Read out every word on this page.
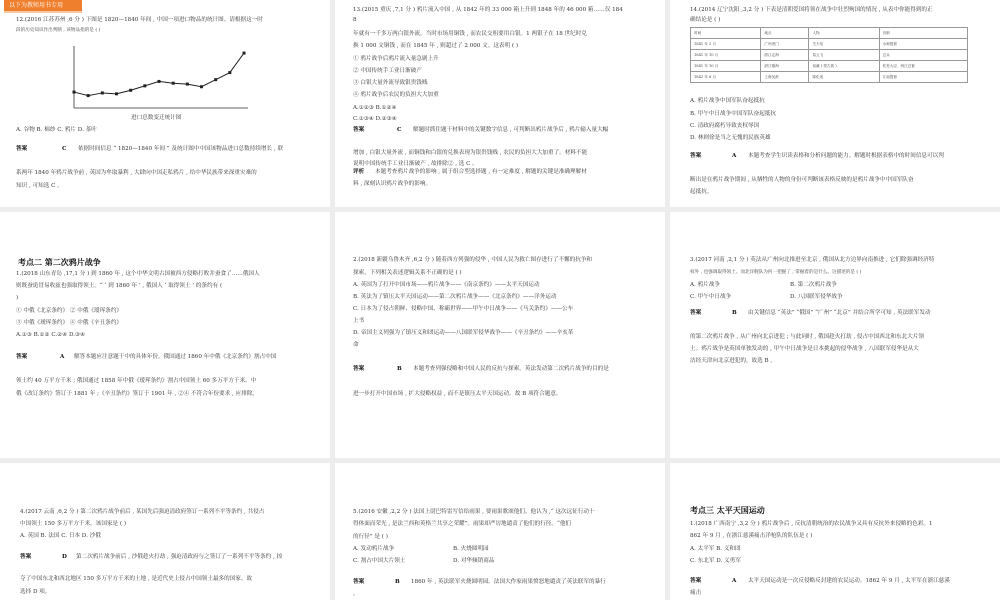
以下为教师用书专用
12.(2016 江苏苏州 ,6 分 ) 下图是 1820—1840 年间 , 中国一项进口物品的统计图。请根据这一时
段的历史知识作出判断 , 该物品指的是 ( )
进口总数变迁统计图
A. 谷物 B. 棉纱 C. 鸦片 D. 茶叶
答案	C 依据时间信息 “ 1820—1840 年间 ” 及统计图中中国该物品进口总数持续增长 , 联
系两年 1840 年鸦片战争前 , 英国为牟取暴利 , 大肆向中国走私鸦片 , 给中华民族带来深重灾难的
知识 , 可知选 C 。
13.(2015 重庆 ,7,1 分 ) 鸦片流入中国 , 从 1842 年的 33 000 箱上升到 1848 年的 46 000 箱……仅 184
8
年就有一千多万两白银外流。当时市场用铜钱 , 而农民交租要用白银。1 两银子在 18 世纪时兑
换 1 000 文铜钱 , 而在 1845 年 , 则超过了 2 000 文。这表明 ( )
① 鸦片战争后鸦片流入量急剧上升
② 中国传统手工业日渐破产
③ 白银大量外流导致银贵钱贱
④ 鸦片战争后农民的负担大大加重
A.①②③ B.①②④
C.①③④ D.②③④
答案	C 解题时抓住题干材料中的关键数字信息 , 可判断出鸦片战争后 , 鸦片输入量大幅
增加 , 白银大量外流 , 而铜钱和白银的兑换表现为银贵钱贱 , 农民的负担大大加重了。材料不能
说明中国传统手工业日渐破产 , 故排除② , 选 C 。
评析 本题考查鸦片战争的影响 , 属于组合型选择题 , 有一定难度 , 解题的关键是准确理解材
料 , 深刻认识鸦片战争的影响。
14.(2014 辽宁沈阳 ,3,2 分 ) 下表是清朝爱国将领在战争中壮烈殉国的情况 , 从表中你能得到的正
确结论是 ( )
时间	地点	人物	官职
1841 年 2 月	广州虎门	关天培	水师提督
1841 年 10 月	浙江定海	葛云飞	总兵
1841 年 10 月	浙江镇海	裕谦 ( 蒙古族 )	钦差大臣、两江总督
1842 年 6 月	上海吴淞	陈化成	江南提督
A. 鸦片战争中国军队奋起抵抗
B. 甲午中日战争中国军队奋起抵抗
C. 清政府腐朽导致丧权辱国
D. 林则徐是当之无愧的民族英雄
答案	A 本题考查学生识读表格和分析问题的能力。解题时根据表格中的时间信息可以判
断出是在鸦片战争期间 , 从牺牲的人物的身份可判断该表格反映的是鸦片战争中中国军队奋
起抵抗。
考点二 第二次鸦片战争
1.(2018 山东青岛 ,17,1 分 ) 到 1860 年 , 这个中华文明古国被西方侵略打败并蚕食了……俄国人
则既蚕诡冒易收兹也强取得领土。“ ‘ 到 1860 年 ’ , 俄国人 ‘ 取得领土 ’ 的条约有 (
)
① 中俄《北京条约》 ② 中俄《瑷珲条约》
③ 中俄《璦珲条约》 ④ 中俄《辛丑条约》
A.①③ B.①② C.②④ D.③④
答案	A 解答本题应注意题干中的具体年份。俄国通过 1860 年中俄《北京条约》割占中国
领土约 40 万平方千米 ; 俄国通过 1858 年中俄《瑷珲条约》割占中国领土 60 多万平方千米。中
俄《改订条约》签订于 1881 年 ;《辛丑条约》签订于 1901 年 , ②④ 不符合年份要求 , 应排除。
2.(2018 新疆乌鲁木齐 ,6,2 分 ) 随着西方列强的侵华 , 中国人民为救亡图存进行了不懈的抗争和
探索。下列相关表述逻辑关系不正确的是 ( )
A. 英国为了打开中国市场——鸦片战争——《南京条约》——太平天国运动
B. 英法为了镇压太平天国运动——第二次鸦片战争——《北京条约》——洋务运动
C. 日本为了侵占朝鲜、侵略中国、称霸世界——甲午中日战争——《马关条约》——公车
上书
D. 帝国主义列强为了镇压义和团运动——八国联军侵华战争——《辛丑条约》——辛亥革
命
答案	B 本题考查列强侵略和中国人民的反抗与探索。英法发动第二次鸦片战争的目的是
进一步打开中国市场 , 扩大侵略权益 , 而不是镇压太平天国运动。故 B 项符合题意。
3.(2017 河南 ,2,1 分 ) 英法从广州向北推进至北京 , 俄国从北方边界向南推进 , 它们除强调经济特
权外 , 也强调取得领土。而北洋舰队为何一把握了 , 掌握着的是什么。这描述的是 ( )
A. 鸦片战争	B. 第二次鸦片战争
C. 甲午中日战争	D. 八国联军侵华战争
答案	B 由关键信息 “英法” “俄国” “广州” “北京” 并结合所学可知 , 英法联军发动
的第二次鸦片战争 , 从广州向北京进犯 ; 与此同时 , 俄国趁火打劫 , 侵占中国西北和东北大片领
土。鸦片战争是英国单独发动的 , 甲午中日战争是日本挑起的侵华战争 , 八国联军侵华是从大
沽经天津向北京进犯的。故选 B 。
4.(2017 云南 ,6,2 分 ) 第二次鸦片战争前后 , 某国先后强迫清政府签订一系列不平等条约 , 共侵占
中国领土 150 多万平方千米。该国家是 ( )
A. 英国 B. 法国 C. 日本 D. 沙俄
答案	D 第二次鸦片战争前后 , 沙俄趁火打劫 , 强迫清政府与之签订了一系列不平等条约 , 掠
夺了中国东北和西北地区 150 多万平方千米的土地 , 是近代史上侵占中国领土最多的国家。故
选择 D 项。
5.(2016 安徽 ,2,2 分 ) 法国上尉巴特雷写信给雨果 , 要雨果歌颂他们。他认为 ,“ 这次远征行动十
得体面而荣光 , 是法兰西和英格兰共享之荣耀”。雨果却严厉地谴责了他们的行径。“他们
的行径” 是 ( )
A. 发动鸦片战争	B. 火烧圆明园
C. 割占中国大片领土	D. 对华倾销商品
答案	B 1860 年 , 英法联军火烧圆明园。法国大作家雨果愤怒地谴责了英法联军的暴行
。
考点三 太平天国运动
1.(2018 广西南宁 ,3,2 分 ) 鸦片战争后 , 反抗清朝统治的农民战争又具有反抗外来侵略的色彩。1
862 年 9 月 , 在浙江慈溪痛击洋枪队的队伍是 ( )
A. 太平军 B. 义和团
C. 东北军 D. 义勇军
答案	A 太平天国运动是一次反侵略反封建的农民运动。1862 年 9 月 , 太平军在浙江慈溪
痛击
